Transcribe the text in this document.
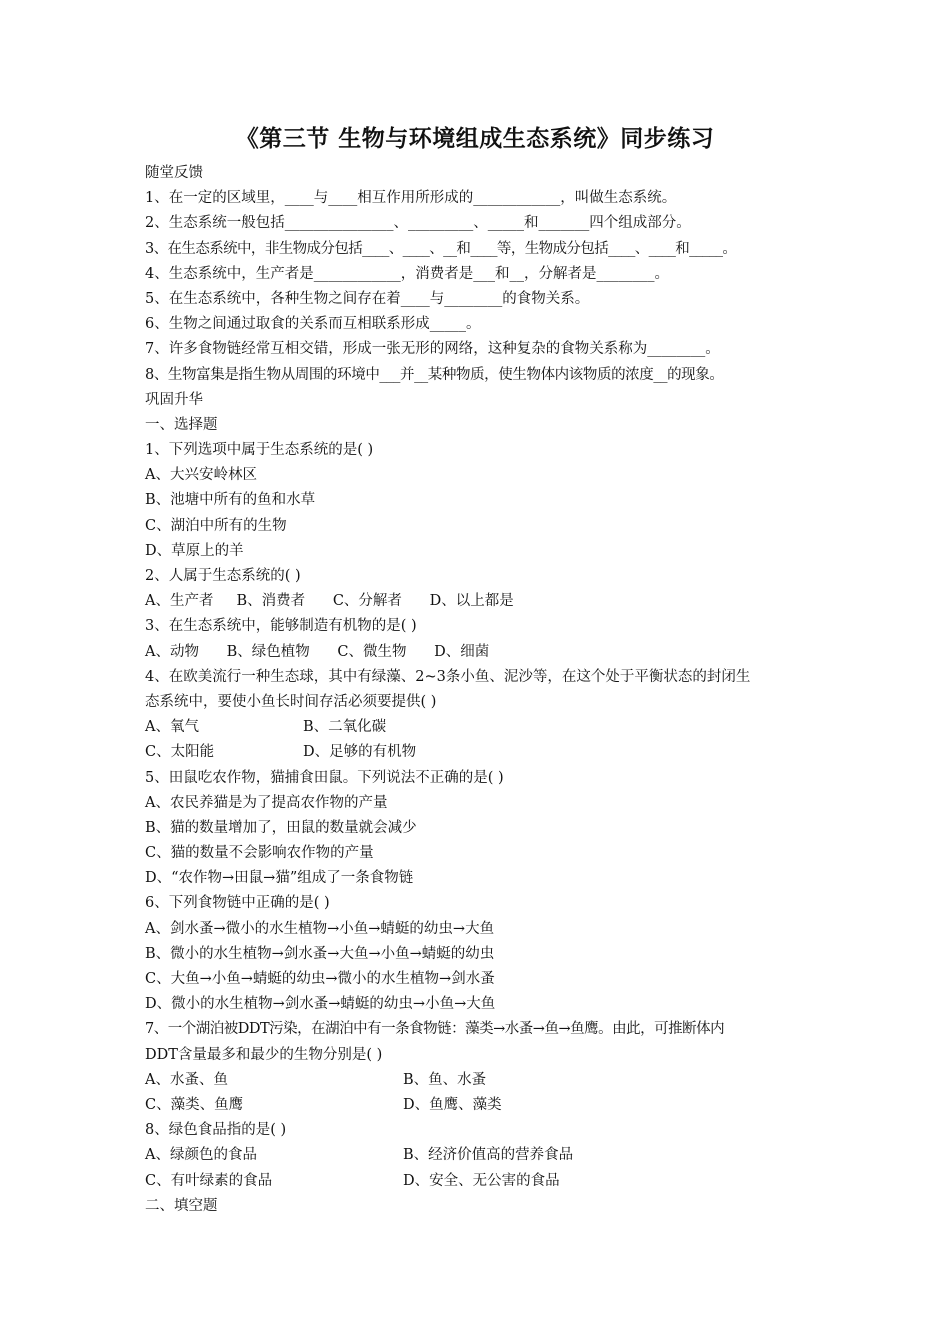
《第三节 生物与环境组成生态系统》同步练习
随堂反馈
1、在一定的区域里，____与____相互作用所形成的____________，叫做生态系统。
2、生态系统一般包括_______________、_________、_____和_______四个组成部分。
3、在生态系统中，非生物成分包括____、____、__和____等，生物成分包括____、____和_____。
4、生态系统中，生产者是____________，消费者是___和__，分解者是________。
5、在生态系统中，各种生物之间存在着____与________的食物关系。
6、生物之间通过取食的关系而互相联系形成_____。
7、许多食物链经常互相交错，形成一张无形的网络，这种复杂的食物关系称为________。
8、生物富集是指生物从周围的环境中___并__某种物质，使生物体内该物质的浓度__的现象。
巩固升华
一、选择题
1、下列选项中属于生态系统的是( )
A、大兴安岭林区
B、池塘中所有的鱼和水草
C、湖泊中所有的生物
D、草原上的羊
2、人属于生态系统的( )
A、生产者     B、消费者      C、分解者      D、以上都是
3、在生态系统中，能够制造有机物的是( )
A、动物      B、绿色植物      C、微生物      D、细菌
4、在欧美流行一种生态球，其中有绿藻、2~3条小鱼、泥沙等，在这个处于平衡状态的封闭生
态系统中，要使小鱼长时间存活必须要提供( )
A、氧气	B、二氧化碳
C、太阳能	D、足够的有机物
5、田鼠吃农作物，猫捕食田鼠。下列说法不正确的是( )
A、农民养猫是为了提高农作物的产量
B、猫的数量增加了，田鼠的数量就会减少
C、猫的数量不会影响农作物的产量
D、“农作物→田鼠→猫”组成了一条食物链
6、下列食物链中正确的是( )
A、剑水蚤→微小的水生植物→小鱼→蜻蜓的幼虫→大鱼
B、微小的水生植物→剑水蚤→大鱼→小鱼→蜻蜓的幼虫
C、大鱼→小鱼→蜻蜓的幼虫→微小的水生植物→剑水蚤
D、微小的水生植物→剑水蚤→蜻蜓的幼虫→小鱼→大鱼
7、一个湖泊被DDT污染，在湖泊中有一条食物链：藻类→水蚤→鱼→鱼鹰。由此，可推断体内
DDT含量最多和最少的生物分别是( )
A、水蚤、鱼	B、鱼、水蚤
C、藻类、鱼鹰	D、鱼鹰、藻类
8、绿色食品指的是( )
A、绿颜色的食品	B、经济价值高的营养食品
C、有叶绿素的食品	D、安全、无公害的食品
二、填空题
